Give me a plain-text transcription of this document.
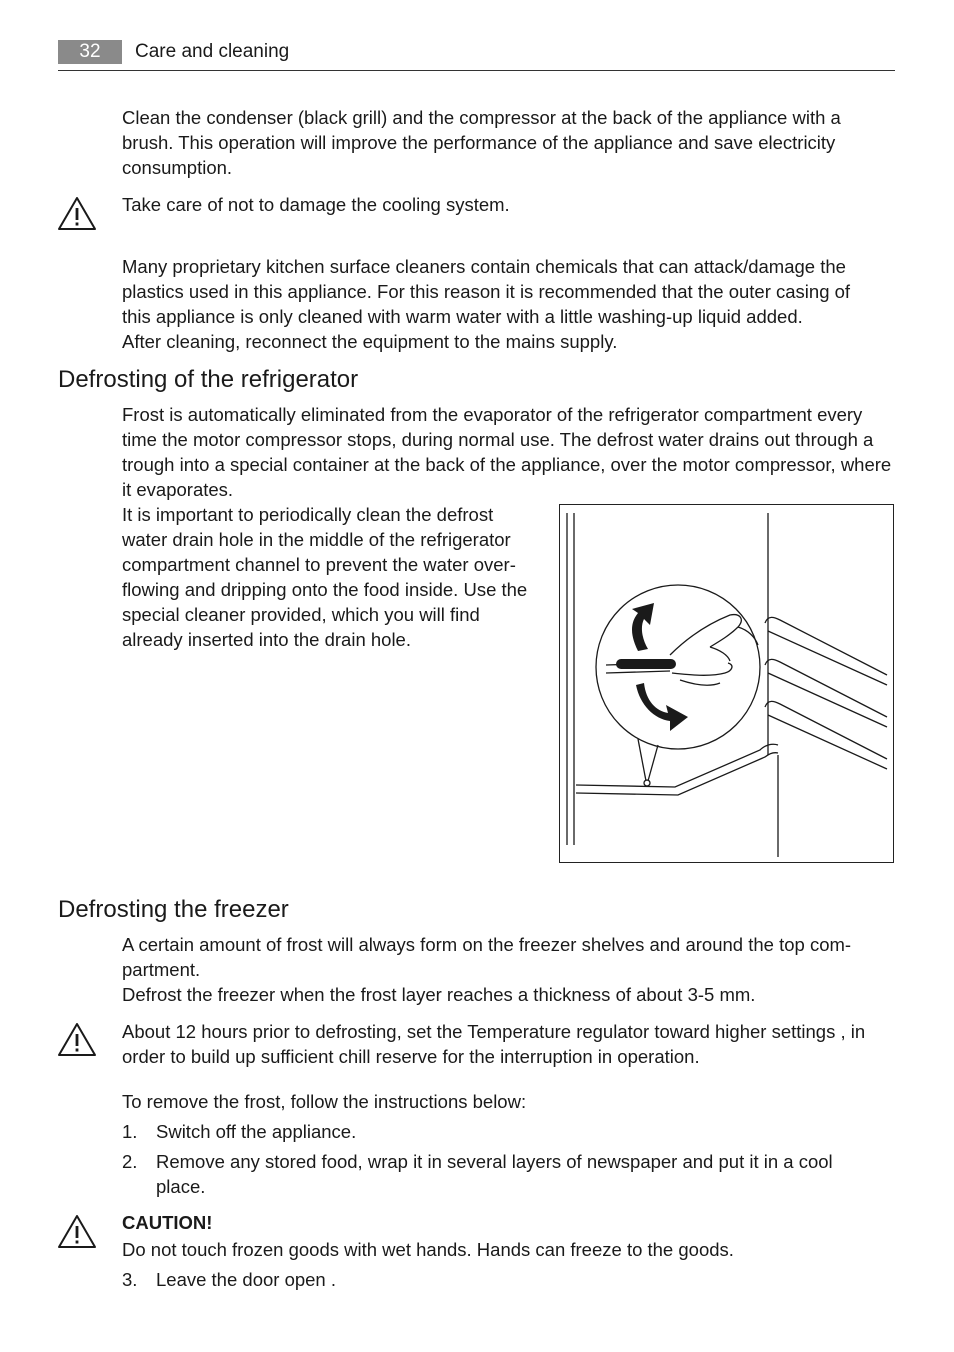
32	Care and cleaning
Clean the condenser (black grill) and the compressor at the back of the appliance with a brush. This operation will improve the performance of the appliance and save electricity consumption.
Take care of not to damage the cooling system.
Many proprietary kitchen surface cleaners contain chemicals that can attack/damage the plastics used in this appliance. For this reason it is recommended that the outer casing of this appliance is only cleaned with warm water with a little washing-up liquid added.
After cleaning, reconnect the equipment to the mains supply.
Defrosting of the refrigerator
Frost is automatically eliminated from the evaporator of the refrigerator compartment every time the motor compressor stops, during normal use. The defrost water drains out through a trough into a special container at the back of the appliance, over the motor compressor, where it evaporates.
It is important to periodically clean the defrost water drain hole in the middle of the refrigerator compartment channel to prevent the water overflowing and dripping onto the food inside. Use the special cleaner provided, which you will find already inserted into the drain hole.
Defrosting the freezer
A certain amount of frost will always form on the freezer shelves and around the top compartment.
Defrost the freezer when the frost layer reaches a thickness of about 3-5 mm.
About 12 hours prior to defrosting, set the Temperature regulator toward higher settings , in order to build up sufficient chill reserve for the interruption in operation.
To remove the frost, follow the instructions below:
1. Switch off the appliance.
2. Remove any stored food, wrap it in several layers of newspaper and put it in a cool place.
CAUTION!
Do not touch frozen goods with wet hands. Hands can freeze to the goods.
3. Leave the door open .
